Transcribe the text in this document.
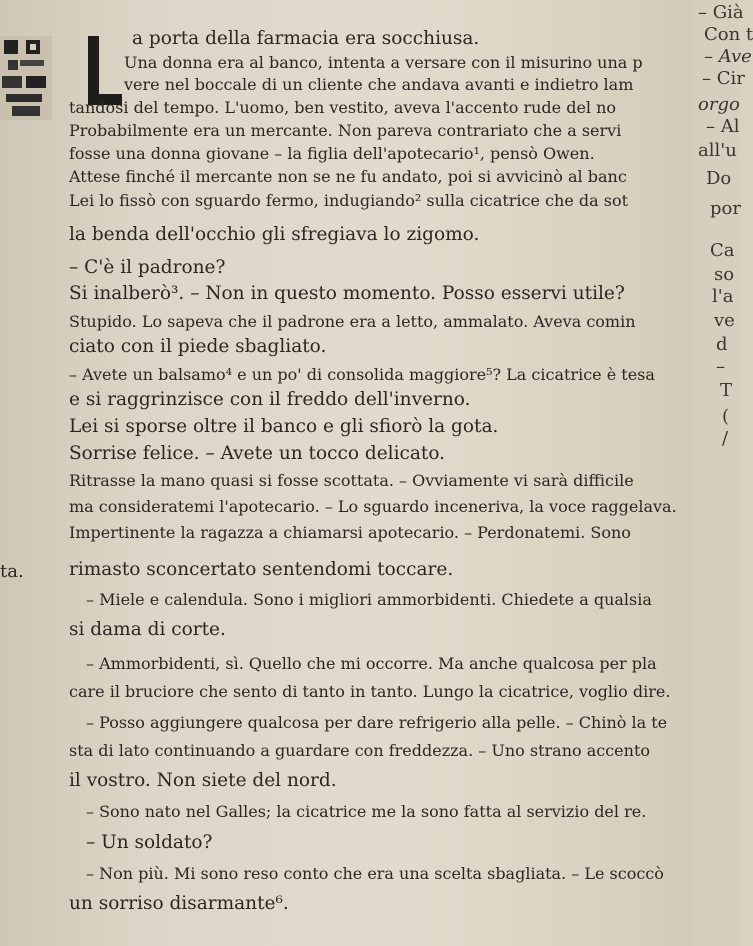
– Già
Con t
– Ave
– Cir
orgo
– Al
all'u
Do
por
Ca
so
l'a
ve
d
–
T
(
/
ta.
a porta della farmacia era socchiusa.
Una donna era al banco, intenta a versare con il misurino una p
vere nel boccale di un cliente che andava avanti e indietro lam
tandosi del tempo. L'uomo, ben vestito, aveva l'accento rude del no
Probabilmente era un mercante. Non pareva contrariato che a servi
fosse una donna giovane – la figlia dell'apotecario¹, pensò Owen.
Attese finché il mercante non se ne fu andato, poi si avvicinò al banc
Lei lo fissò con sguardo fermo, indugiando² sulla cicatrice che da sot
la benda dell'occhio gli sfregiava lo zigomo.
– C'è il padrone?
Si inalberò³. – Non in questo momento. Posso esservi utile?
Stupido. Lo sapeva che il padrone era a letto, ammalato. Aveva comin
ciato con il piede sbagliato.
– Avete un balsamo⁴ e un po' di consolida maggiore⁵? La cicatrice è tesa
e si raggrinzisce con il freddo dell'inverno.
Lei si sporse oltre il banco e gli sfiorò la gota.
Sorrise felice. – Avete un tocco delicato.
Ritrasse la mano quasi si fosse scottata. – Ovviamente vi sarà difficile
ma consideratemi l'apotecario. – Lo sguardo inceneriva, la voce raggelava.
Impertinente la ragazza a chiamarsi apotecario. – Perdonatemi. Sono
rimasto sconcertato sentendomi toccare.
– Miele e calendula. Sono i migliori ammorbidenti. Chiedete a qualsia
si dama di corte.
– Ammorbidenti, sì. Quello che mi occorre. Ma anche qualcosa per pla
care il bruciore che sento di tanto in tanto. Lungo la cicatrice, voglio dire.
– Posso aggiungere qualcosa per dare refrigerio alla pelle. – Chinò la te
sta di lato continuando a guardare con freddezza. – Uno strano accento
il vostro. Non siete del nord.
– Sono nato nel Galles; la cicatrice me la sono fatta al servizio del re.
– Un soldato?
– Non più. Mi sono reso conto che era una scelta sbagliata. – Le scoccò
un sorriso disarmante⁶.
